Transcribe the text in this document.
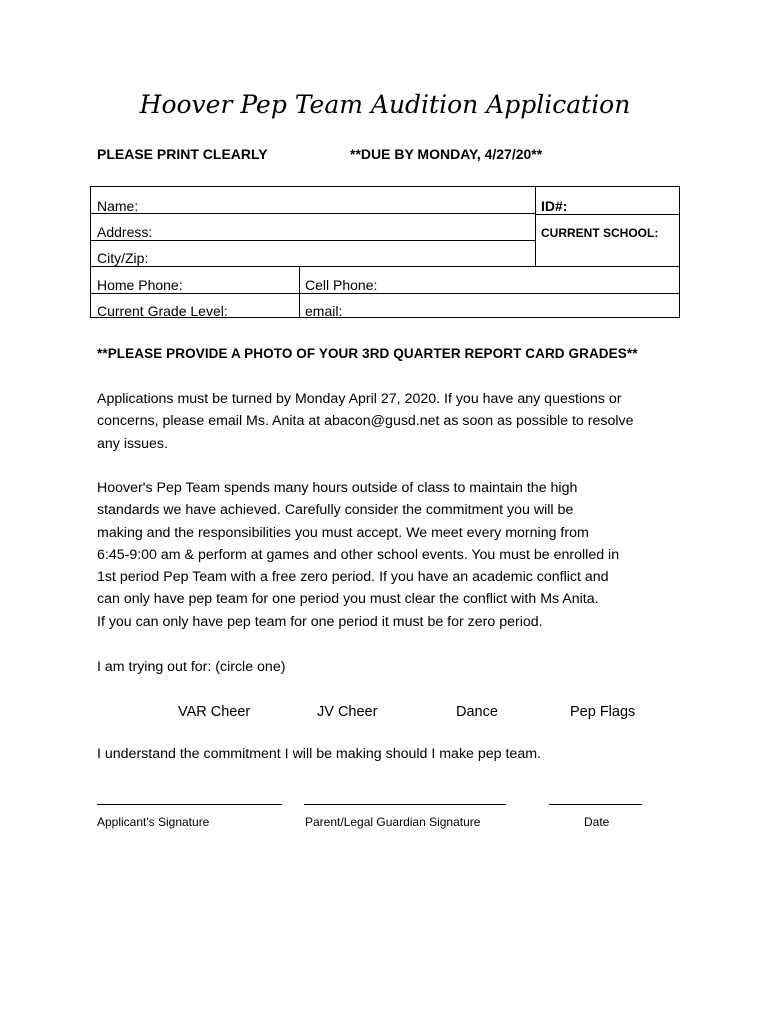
Hoover Pep Team Audition Application
PLEASE PRINT CLEARLY	**DUE BY MONDAY, 4/27/20**
Name:	ID#:
Address:	CURRENT SCHOOL:
City/Zip:
Home Phone:	Cell Phone:
Current Grade Level:	email:
**PLEASE PROVIDE A PHOTO OF YOUR 3RD QUARTER REPORT CARD GRADES**

Applications must be turned by Monday April 27, 2020. If you have any questions or

concerns, please email Ms. Anita at abacon@gusd.net as soon as possible to resolve

any issues.

Hoover's Pep Team spends many hours outside of class to maintain the high

standards we have achieved. Carefully consider the commitment you will be

making and the responsibilities you must accept. We meet every morning from

6:45-9:00 am & perform at games and other school events. You must be enrolled in

1st period Pep Team with a free zero period. If you have an academic conflict and

can only have pep team for one period you must clear the conflict with Ms Anita.

If you can only have pep team for one period it must be for zero period.

I am trying out for: (circle one)
VAR Cheer	JV Cheer	Dance	Pep Flags
I understand the commitment I will be making should I make pep team.
Applicant's Signature	Parent/Legal Guardian Signature	Date
